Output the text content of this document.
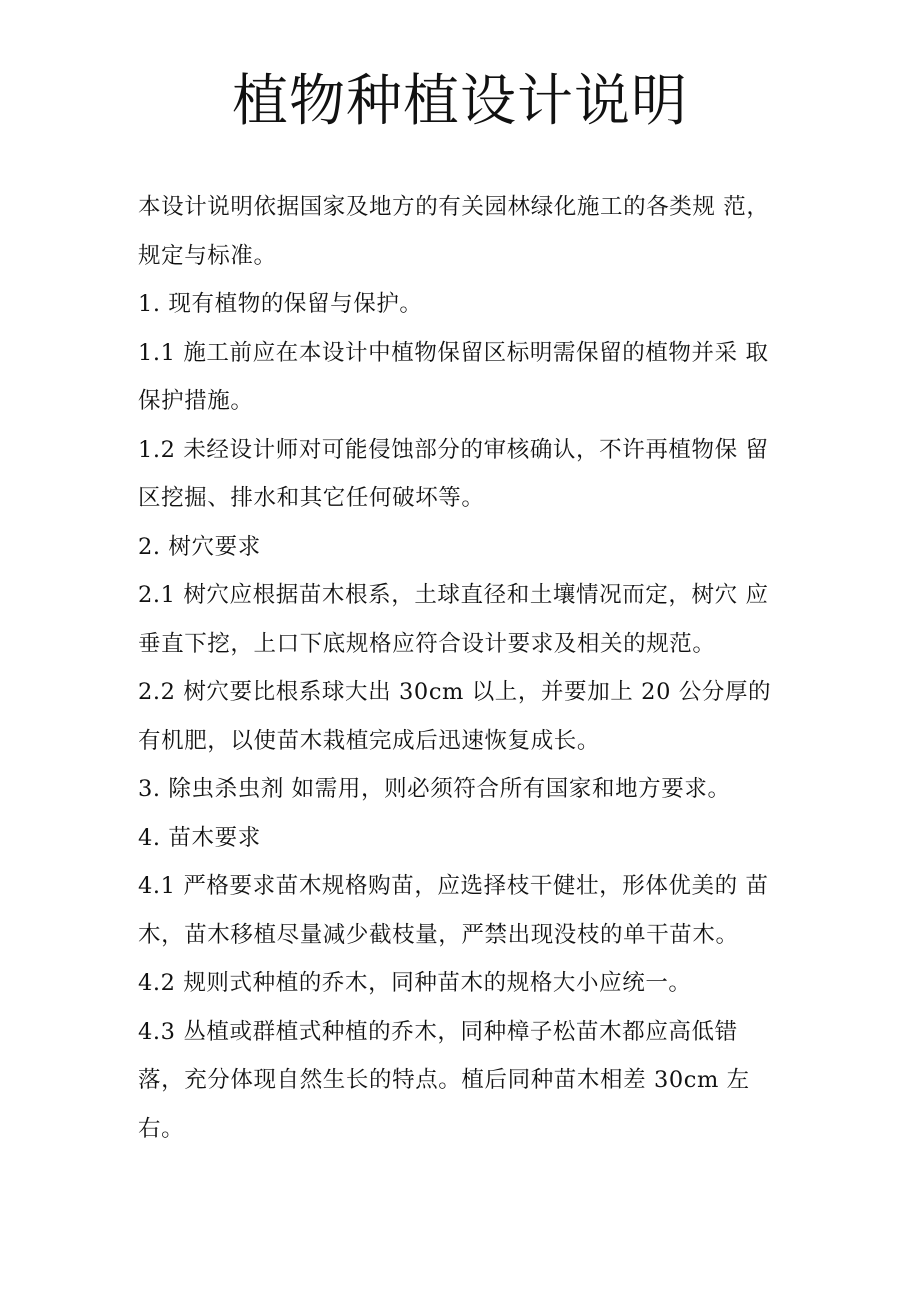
植物种植设计说明
本设计说明依据国家及地方的有关园林绿化施工的各类规 范，
规定与标准。
1. 现有植物的保留与保护。
1.1 施工前应在本设计中植物保留区标明需保留的植物并采 取
保护措施。
1.2 未经设计师对可能侵蚀部分的审核确认，不许再植物保 留
区挖掘、排水和其它任何破坏等。
2. 树穴要求
2.1 树穴应根据苗木根系，土球直径和土壤情况而定，树穴 应
垂直下挖，上口下底规格应符合设计要求及相关的规范。
2.2 树穴要比根系球大出 30cm 以上，并要加上 20 公分厚的
有机肥，以使苗木栽植完成后迅速恢复成长。
3. 除虫杀虫剂 如需用，则必须符合所有国家和地方要求。
4. 苗木要求
4.1 严格要求苗木规格购苗，应选择枝干健壮，形体优美的 苗
木，苗木移植尽量减少截枝量，严禁出现没枝的单干苗木。
4.2 规则式种植的乔木，同种苗木的规格大小应统一。
4.3 丛植或群植式种植的乔木，同种樟子松苗木都应高低错
落，充分体现自然生长的特点。植后同种苗木相差 30cm 左
右。
